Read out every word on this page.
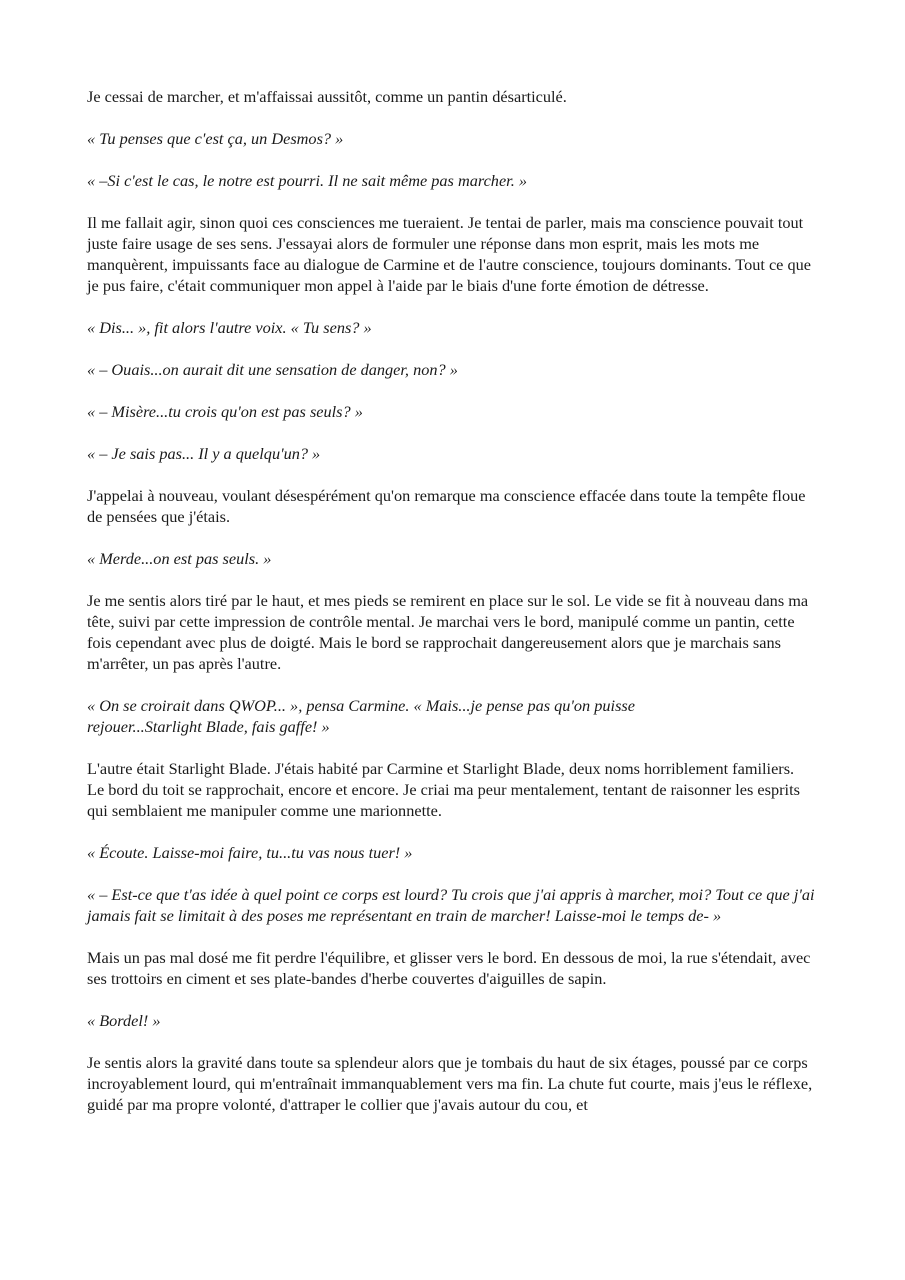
Je cessai de marcher, et m'affaissai aussitôt, comme un pantin désarticulé.

« Tu penses que c'est ça, un Desmos? »

« –Si c'est le cas, le notre est pourri. Il ne sait même pas marcher. »

Il me fallait agir, sinon quoi ces consciences me tueraient. Je tentai de parler, mais ma conscience pouvait tout juste faire usage de ses sens. J'essayai alors de formuler une réponse dans mon esprit, mais les mots me manquèrent, impuissants face au dialogue de Carmine et de l'autre conscience, toujours dominants. Tout ce que je pus faire, c'était communiquer mon appel à l'aide par le biais d'une forte émotion de détresse.

« Dis... », fit alors l'autre voix. « Tu sens? »

« – Ouais...on aurait dit une sensation de danger, non? »

« – Misère...tu crois qu'on est pas seuls? »

« – Je sais pas... Il y a quelqu'un? »

J'appelai à nouveau, voulant désespérément qu'on remarque ma conscience effacée dans toute la tempête floue de pensées que j'étais.

« Merde...on est pas seuls. »

Je me sentis alors tiré par le haut, et mes pieds se remirent en place sur le sol. Le vide se fit à nouveau dans ma tête, suivi par cette impression de contrôle mental. Je marchai vers le bord, manipulé comme un pantin, cette fois cependant avec plus de doigté. Mais le bord se rapprochait dangereusement alors que je marchais sans m'arrêter, un pas après l'autre.

« On se croirait dans QWOP... », pensa Carmine. « Mais...je pense pas qu'on puisse
rejouer...Starlight Blade, fais gaffe! »

L'autre était Starlight Blade. J'étais habité par Carmine et Starlight Blade, deux noms horriblement familiers.
Le bord du toit se rapprochait, encore et encore. Je criai ma peur mentalement, tentant de raisonner les esprits qui semblaient me manipuler comme une marionnette.

« Écoute. Laisse-moi faire, tu...tu vas nous tuer! »

« – Est-ce que t'as idée à quel point ce corps est lourd? Tu crois que j'ai appris à marcher, moi? Tout ce que j'ai jamais fait se limitait à des poses me représentant en train de marcher! Laisse-moi le temps de- »

Mais un pas mal dosé me fit perdre l'équilibre, et glisser vers le bord. En dessous de moi, la rue s'étendait, avec ses trottoirs en ciment et ses plate-bandes d'herbe couvertes d'aiguilles de sapin.

« Bordel! »

Je sentis alors la gravité dans toute sa splendeur alors que je tombais du haut de six étages, poussé par ce corps incroyablement lourd, qui m'entraînait immanquablement vers ma fin. La chute fut courte, mais j'eus le réflexe, guidé par ma propre volonté, d'attraper le collier que j'avais autour du cou, et
